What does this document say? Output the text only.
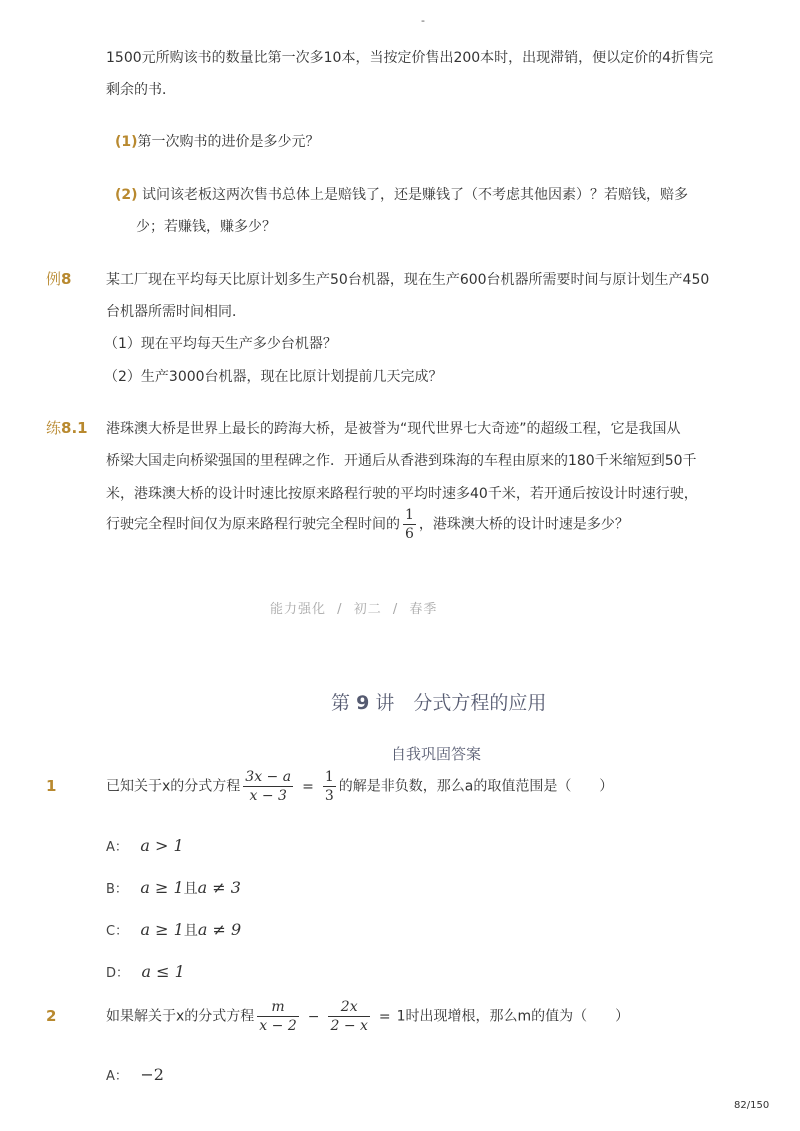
-
1500元所购该书的数量比第一次多10本，当按定价售出200本时，出现滞销，便以定价的4折售完
剩余的书．
(1)第一次购书的进价是多少元？
(2) 试问该老板这两次售书总体上是赔钱了，还是赚钱了（不考虑其他因素）？若赔钱，赔多
少；若赚钱，赚多少？
例8 某工厂现在平均每天比原计划多生产50台机器，现在生产600台机器所需要时间与原计划生产450
台机器所需时间相同．
（1）现在平均每天生产多少台机器？
（2）生产3000台机器，现在比原计划提前几天完成？
练8.1 港珠澳大桥是世界上最长的跨海大桥，是被誉为“现代世界七大奇迹”的超级工程，它是我国从
桥梁大国走向桥梁强国的里程碑之作．开通后从香港到珠海的车程由原来的180千米缩短到50千
米，港珠澳大桥的设计时速比按原来路程行驶的平均时速多40千米，若开通后按设计时速行驶，
行驶完全程时间仅为原来路程行驶完全程时间的 $\frac{1}{6}$ ，港珠澳大桥的设计时速是多少？
能力强化 / 初二 / 春季
第 9 讲　分式方程的应用
自我巩固答案
1	已知关于x的分式方程 $\frac{3x - a}{x - 3} = \frac{1}{3}$ 的解是非负数，那么a的取值范围是（　　）
A： a > 1
B： a ≥ 1且a ≠ 3
C： a ≥ 1且a ≠ 9
D： a ≤ 1
2	如果解关于x的分式方程 $\frac{m}{x - 2} - \frac{2x}{2 - x} = 1$时出现增根，那么m的值为（　　）
A： −2
82/150
